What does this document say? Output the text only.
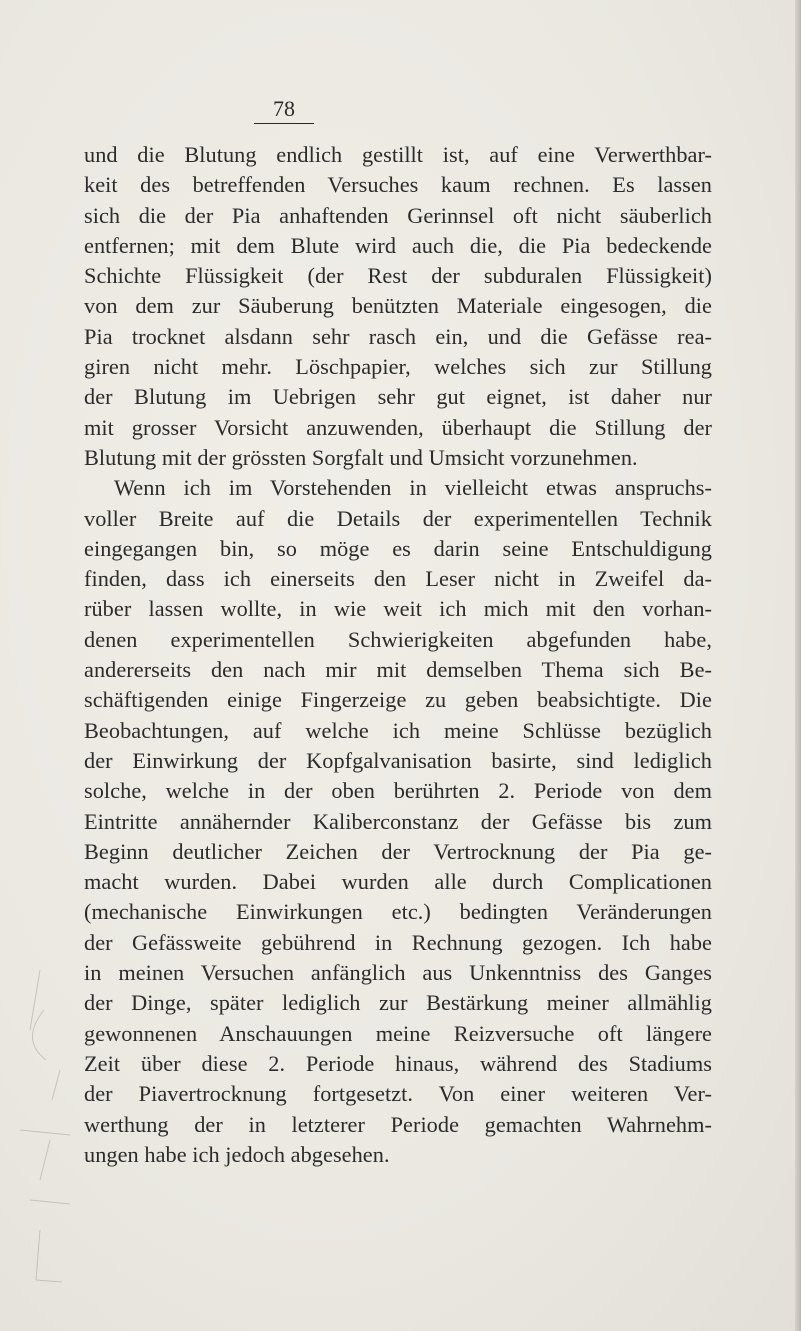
78
und die Blutung endlich gestillt ist, auf eine Verwerthbar-
keit des betreffenden Versuches kaum rechnen. Es lassen
sich die der Pia anhaftenden Gerinnsel oft nicht säuberlich
entfernen; mit dem Blute wird auch die, die Pia bedeckende
Schichte Flüssigkeit (der Rest der subduralen Flüssigkeit)
von dem zur Säuberung benützten Materiale eingesogen, die
Pia trocknet alsdann sehr rasch ein, und die Gefässe rea-
giren nicht mehr. Löschpapier, welches sich zur Stillung
der Blutung im Uebrigen sehr gut eignet, ist daher nur
mit grosser Vorsicht anzuwenden, überhaupt die Stillung der
Blutung mit der grössten Sorgfalt und Umsicht vorzunehmen.
Wenn ich im Vorstehenden in vielleicht etwas anspruchs-
voller Breite auf die Details der experimentellen Technik
eingegangen bin, so möge es darin seine Entschuldigung
finden, dass ich einerseits den Leser nicht in Zweifel da-
rüber lassen wollte, in wie weit ich mich mit den vorhan-
denen experimentellen Schwierigkeiten abgefunden habe,
andererseits den nach mir mit demselben Thema sich Be-
schäftigenden einige Fingerzeige zu geben beabsichtigte. Die
Beobachtungen, auf welche ich meine Schlüsse bezüglich
der Einwirkung der Kopfgalvanisation basirte, sind lediglich
solche, welche in der oben berührten 2. Periode von dem
Eintritte annähernder Kaliberconstanz der Gefässe bis zum
Beginn deutlicher Zeichen der Vertrocknung der Pia ge-
macht wurden. Dabei wurden alle durch Complicationen
(mechanische Einwirkungen etc.) bedingten Veränderungen
der Gefässweite gebührend in Rechnung gezogen. Ich habe
in meinen Versuchen anfänglich aus Unkenntniss des Ganges
der Dinge, später lediglich zur Bestärkung meiner allmählig
gewonnenen Anschauungen meine Reizversuche oft längere
Zeit über diese 2. Periode hinaus, während des Stadiums
der Piavertrocknung fortgesetzt. Von einer weiteren Ver-
werthung der in letzterer Periode gemachten Wahrnehm-
ungen habe ich jedoch abgesehen.
